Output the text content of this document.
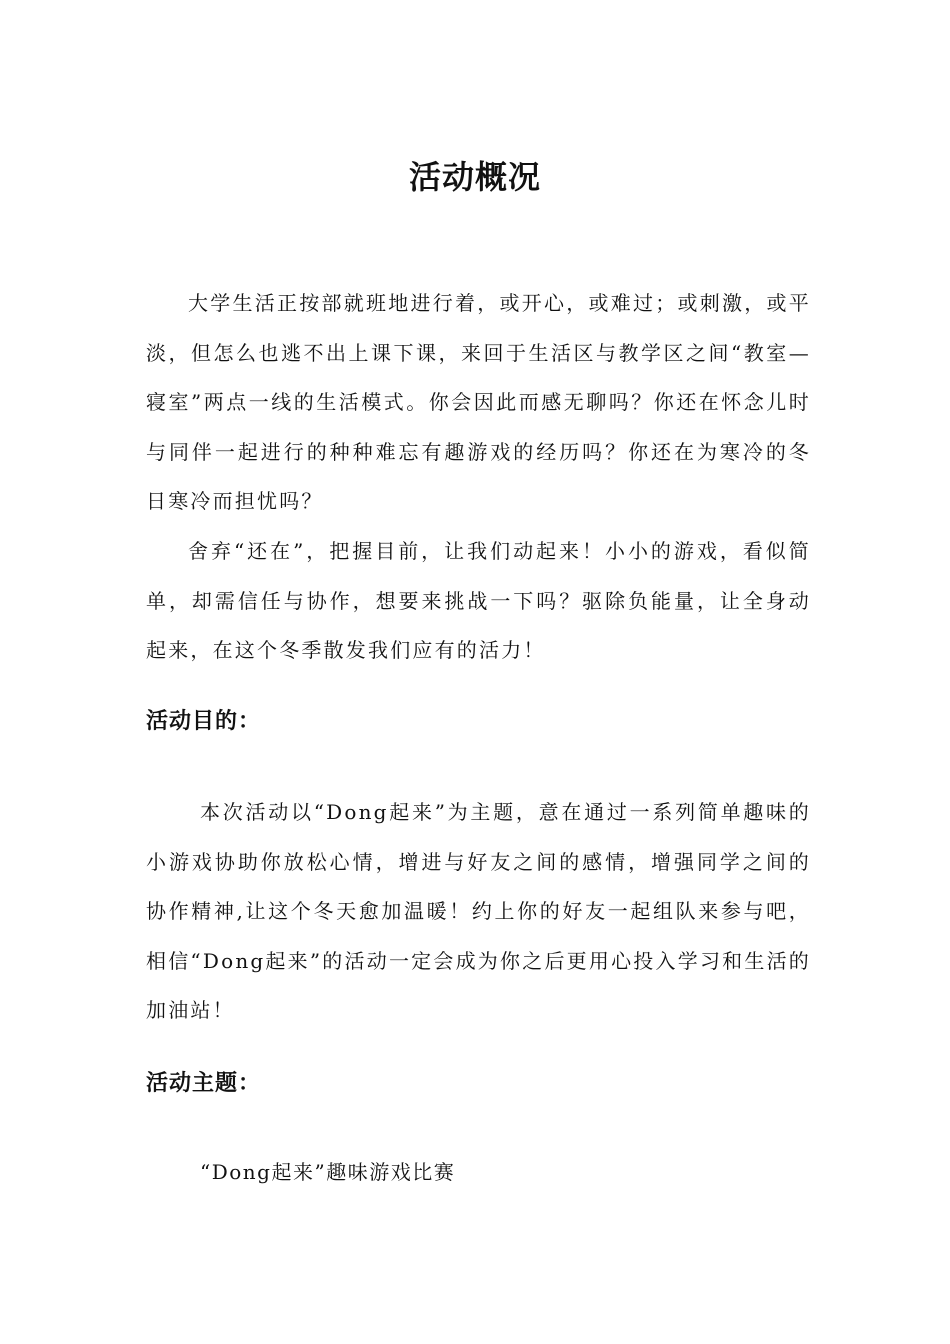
活动概况

大学生活正按部就班地进行着，或开心，或难过；或刺激，或平淡，但怎么也逃不出上课下课，来回于生活区与教学区之间“教室—寝室”两点一线的生活模式。你会因此而感无聊吗？你还在怀念儿时与同伴一起进行的种种难忘有趣游戏的经历吗？你还在为寒冷的冬日寒冷而担忧吗？

舍弃“还在”，把握目前，让我们动起来！小小的游戏，看似简单，却需信任与协作，想要来挑战一下吗？驱除负能量，让全身动起来，在这个冬季散发我们应有的活力！

活动目的：

本次活动以“Dong起来”为主题，意在通过一系列简单趣味的小游戏协助你放松心情，增进与好友之间的感情，增强同学之间的协作精神,让这个冬天愈加温暖！约上你的好友一起组队来参与吧，相信“Dong起来”的活动一定会成为你之后更用心投入学习和生活的加油站！

活动主题：

“Dong起来”趣味游戏比赛
